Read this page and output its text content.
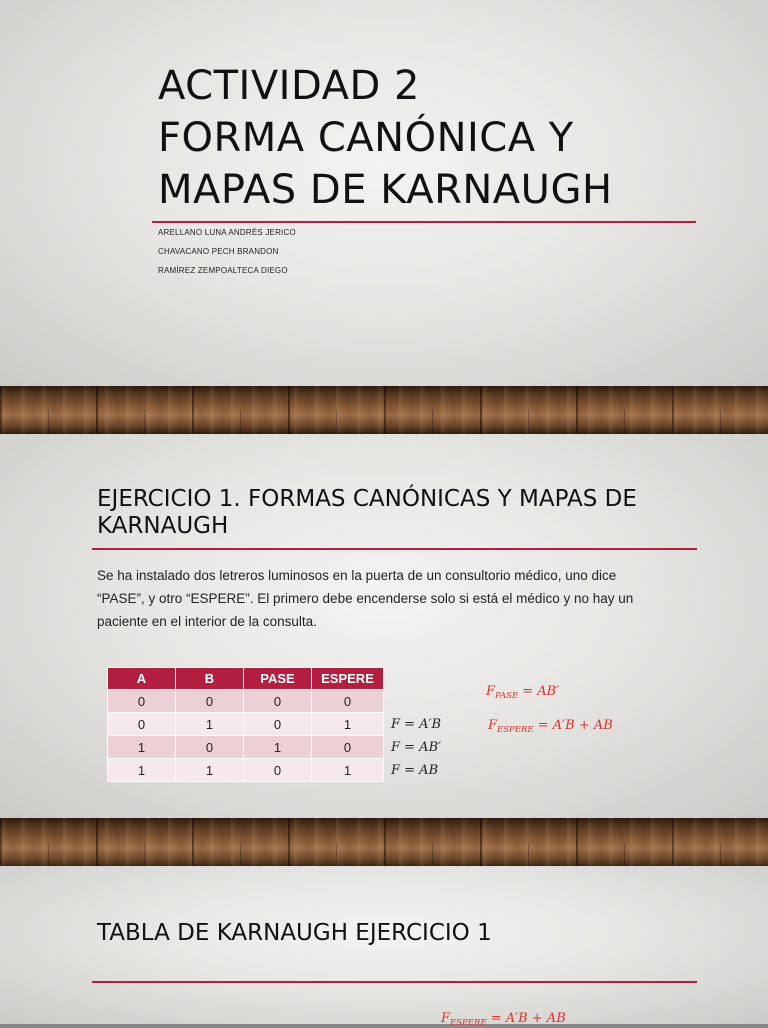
ACTIVIDAD 2
FORMA CANÓNICA Y
MAPAS DE KARNAUGH
ARELLANO LUNA ANDRÉS JERICO
CHAVACANO PECH BRANDON
RAMÍREZ ZEMPOALTECA DIEGO
EJERCICIO 1. FORMAS CANÓNICAS Y MAPAS DE
KARNAUGH
Se ha instalado dos letreros luminosos en la puerta de un consultorio médico, uno dice
“PASE”, y otro “ESPERE”. El primero debe encenderse solo si está el médico y no hay un
paciente en el interior de la consulta.
A	B	PASE	ESPERE
0	0	0	0
0	1	0	1
1	0	1	0
1	1	0	1
F = A′B
F = AB′
F = AB
$F_{PASE} = AB'$
$F_{ESPERE} = A'B$ + AB
TABLA DE KARNAUGH EJERCICIO 1
$F_{ESPERE} = A'B$ + AB
